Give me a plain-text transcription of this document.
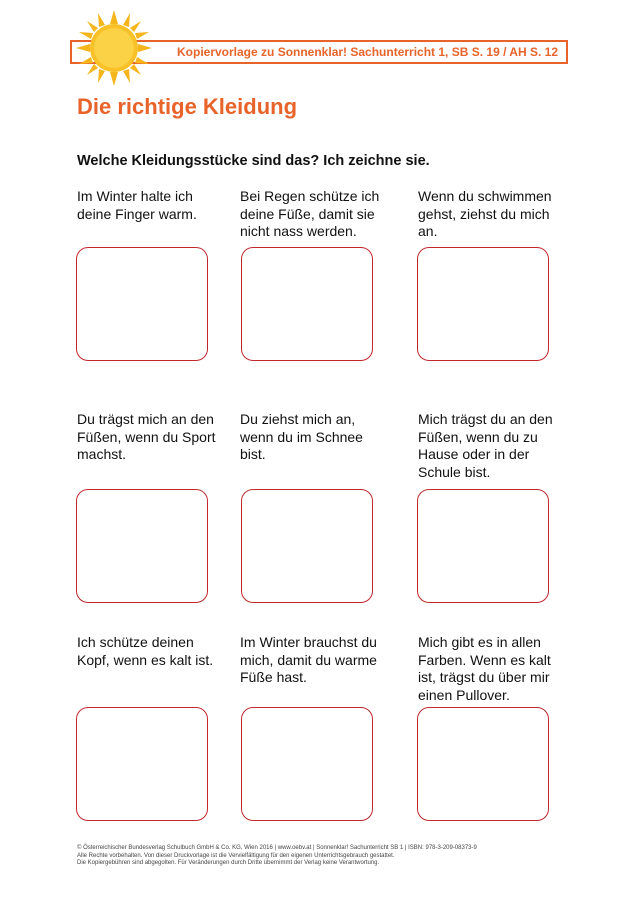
Kopiervorlage zu Sonnenklar! Sachunterricht 1, SB S. 19 / AH S. 12
Die richtige Kleidung
Welche Kleidungsstücke sind das? Ich zeichne sie.
Im Winter halte ich deine Finger warm.
Bei Regen schütze ich deine Füße, damit sie nicht nass werden.
Wenn du schwimmen gehst, ziehst du mich an.
Du trägst mich an den Füßen, wenn du Sport machst.
Du ziehst mich an, wenn du im Schnee bist.
Mich trägst du an den Füßen, wenn du zu Hause oder in der Schule bist.
Ich schütze deinen Kopf, wenn es kalt ist.
Im Winter brauchst du mich, damit du warme Füße hast.
Mich gibt es in allen Farben. Wenn es kalt ist, trägst du über mir einen Pullover.
© Österreichischer Bundesverlag Schulbuch GmbH & Co. KG, Wien 2016 | www.oebv.at | Sonnenklar! Sachunterricht SB 1 | ISBN: 978-3-209-08373-9
Alle Rechte vorbehalten. Von dieser Druckvorlage ist die Vervielfältigung für den eigenen Unterrichtsgebrauch gestattet.
Die Kopiergebühren sind abgegolten. Für Veränderungen durch Dritte übernimmt der Verlag keine Verantwortung.
